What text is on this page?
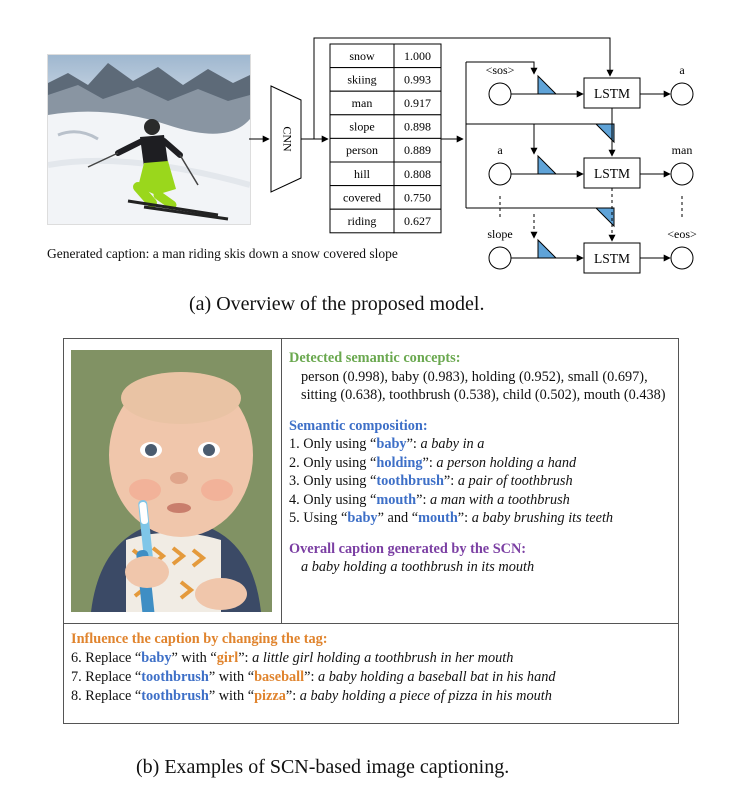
Generated caption: a man riding skis down a snow covered slope
CNN
snow 1.000
skiing 0.993
man	0.917
slope 0.898
person 0.889
hill	0.808
covered 0.750
riding 0.627
LSTM
LSTM
LSTM
<sos>
a
slope
a
man
<eos>
(a) Overview of the proposed model.

Detected semantic concepts:

person (0.998), baby (0.983), holding (0.952), small (0.697), sitting (0.638), toothbrush (0.538), child (0.502), mouth (0.438)

Semantic composition:

1. Only using “baby”: a baby in a

2. Only using “holding”: a person holding a hand

3. Only using “toothbrush”: a pair of toothbrush

4. Only using “mouth”: a man with a toothbrush

5. Using “baby” and “mouth”: a baby brushing its teeth

Overall caption generated by the SCN:

a baby holding a toothbrush in its mouth

Influence the caption by changing the tag:

6. Replace “baby” with “girl”: a little girl holding a toothbrush in her mouth

7. Replace “toothbrush” with “baseball”: a baby holding a baseball bat in his hand

8. Replace “toothbrush” with “pizza”: a baby holding a piece of pizza in his mouth

(b) Examples of SCN-based image captioning.
